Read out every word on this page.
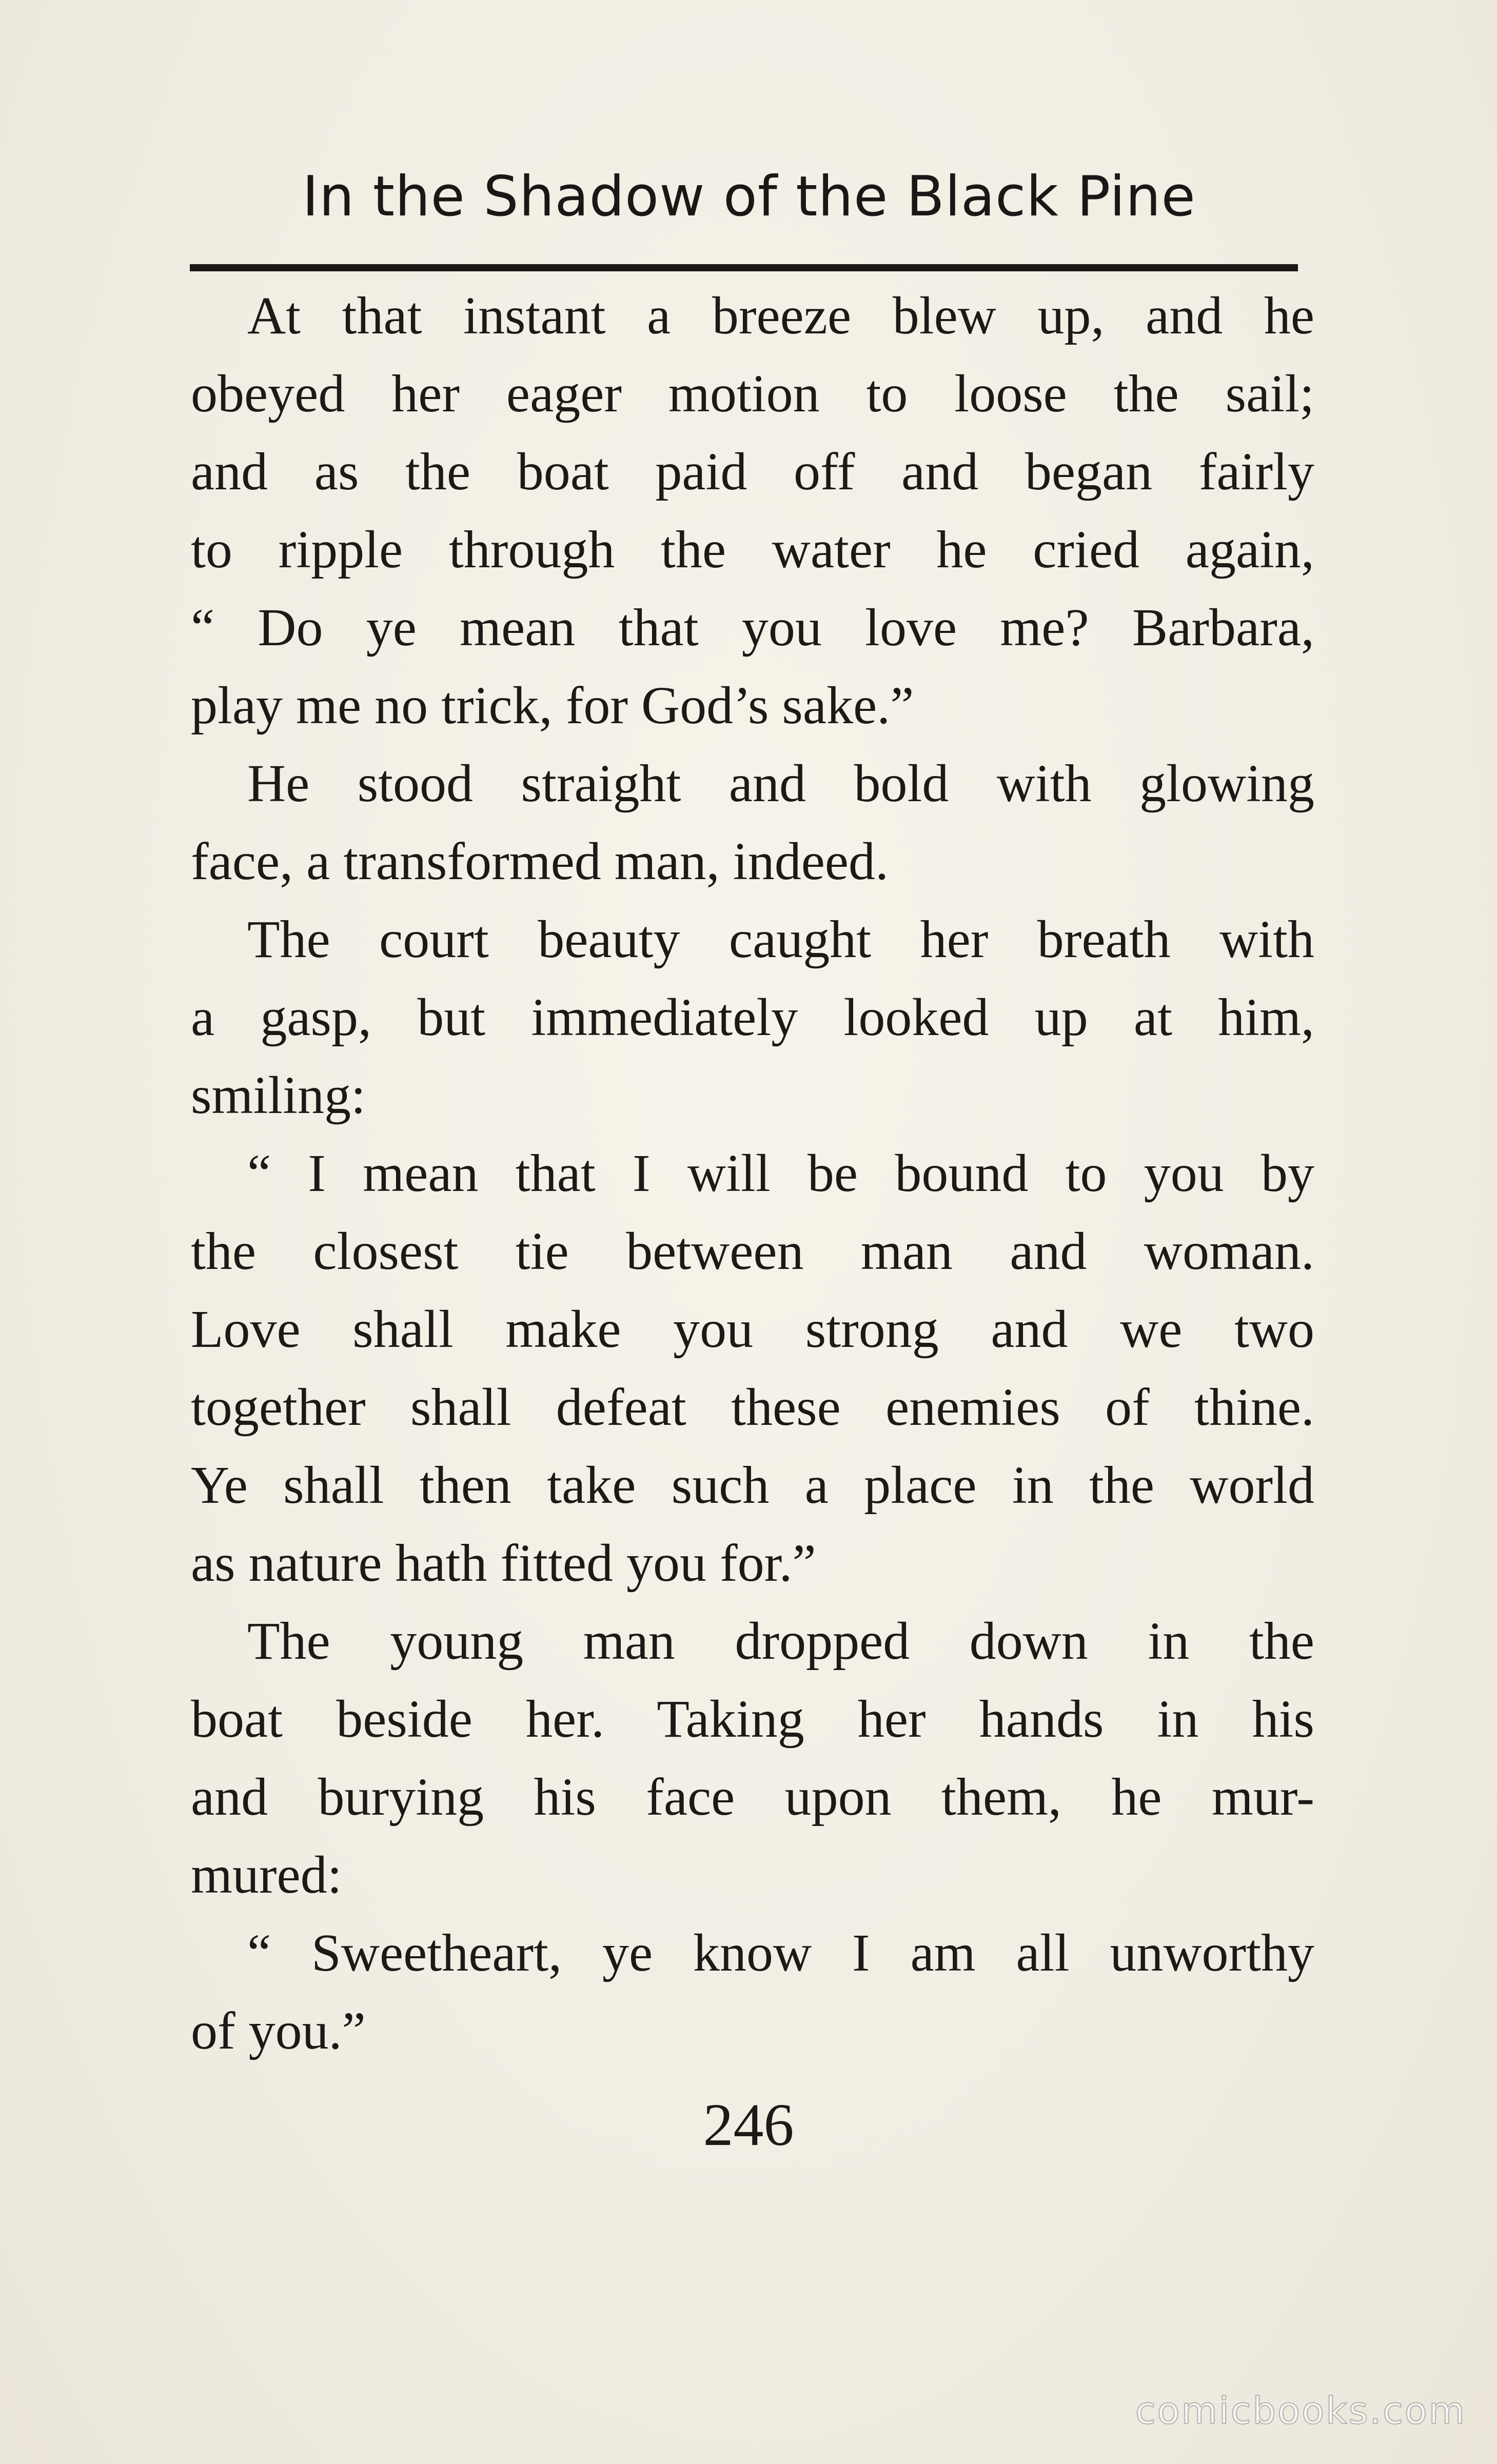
In the Shadow of the Black Pine
At that instant a breeze blew up, and he
obeyed her eager motion to loose the sail;
and as the boat paid off and began fairly
to ripple through the water he cried again,
“ Do ye mean that you love me? Barbara,
play me no trick, for God’s sake.”
He stood straight and bold with glowing
face, a transformed man, indeed.
The court beauty caught her breath with
a gasp, but immediately looked up at him,
smiling:
“ I mean that I will be bound to you by
the closest tie between man and woman.
Love shall make you strong and we two
together shall defeat these enemies of thine.
Ye shall then take such a place in the world
as nature hath fitted you for.”
The young man dropped down in the
boat beside her. Taking her hands in his
and burying his face upon them, he mur-
mured:
“ Sweetheart, ye know I am all unworthy
of you.”
246
comicbooks.com
